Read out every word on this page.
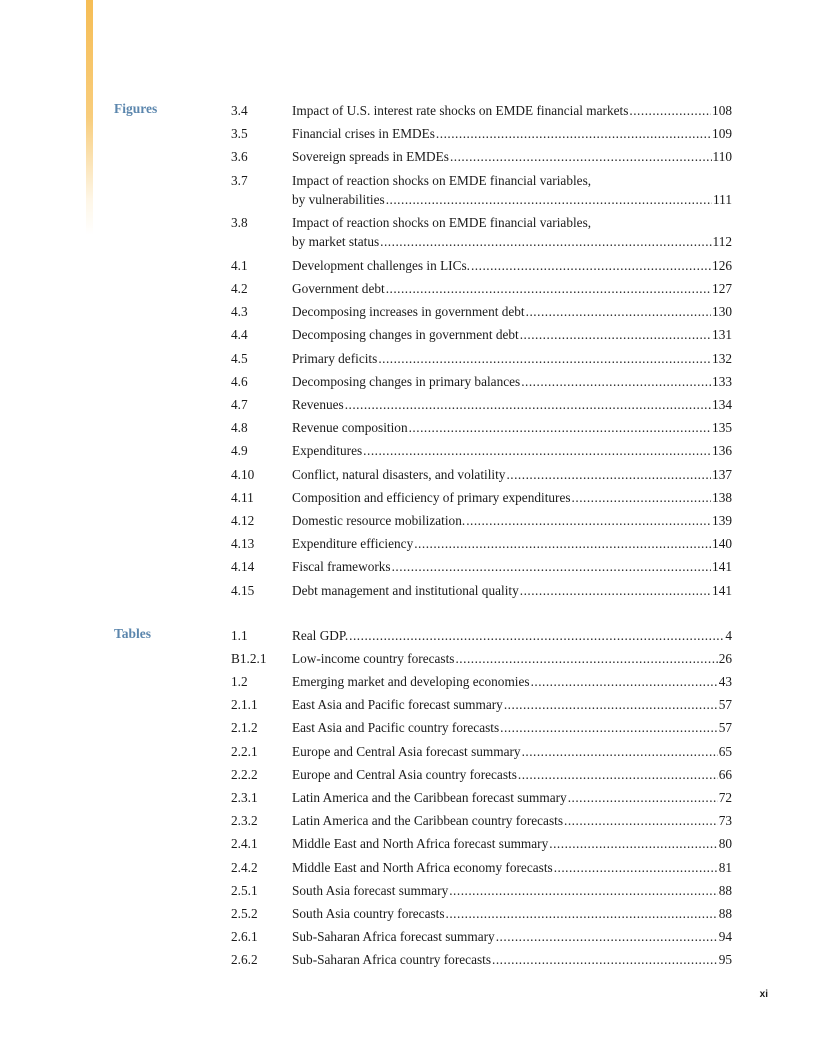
Figures
Tables
3.4	Impact of U.S. interest rate shocks on EMDE financial markets .....	108
3.5	Financial crises in EMDEs .....	109
3.6	Sovereign spreads in EMDEs .....	110
3.7	Impact of reaction shocks on EMDE financial variables,
by vulnerabilities .....	111
3.8	Impact of reaction shocks on EMDE financial variables,
by market status .....	112
4.1	Development challenges in LICs. .....	126
4.2	Government debt .....	127
4.3	Decomposing increases in government debt .....	130
4.4	Decomposing changes in government debt .....	131
4.5	Primary deficits .....	132
4.6	Decomposing changes in primary balances .....	133
4.7	Revenues .....	134
4.8	Revenue composition .....	135
4.9	Expenditures .....	136
4.10	Conflict, natural disasters, and volatility .....	137
4.11	Composition and efficiency of primary expenditures .....	138
4.12	Domestic resource mobilization. .....	139
4.13	Expenditure efficiency .....	140
4.14	Fiscal frameworks .....	141
4.15	Debt management and institutional quality .....	141
1.1	Real GDP. .....	4
B1.2.1 Low-income country forecasts .....	26
1.2	Emerging market and developing economies .....	43
2.1.1	East Asia and Pacific forecast summary .....	57
2.1.2	East Asia and Pacific country forecasts .....	57
2.2.1	Europe and Central Asia forecast summary .....	65
2.2.2	Europe and Central Asia country forecasts .....	66
2.3.1	Latin America and the Caribbean forecast summary .....	72
2.3.2	Latin America and the Caribbean country forecasts .....	73
2.4.1	Middle East and North Africa forecast summary .....	80
2.4.2	Middle East and North Africa economy forecasts .....	81
2.5.1	South Asia forecast summary .....	88
2.5.2	South Asia country forecasts .....	88
2.6.1	Sub-Saharan Africa forecast summary .....	94
2.6.2	Sub-Saharan Africa country forecasts .....	95
xi
